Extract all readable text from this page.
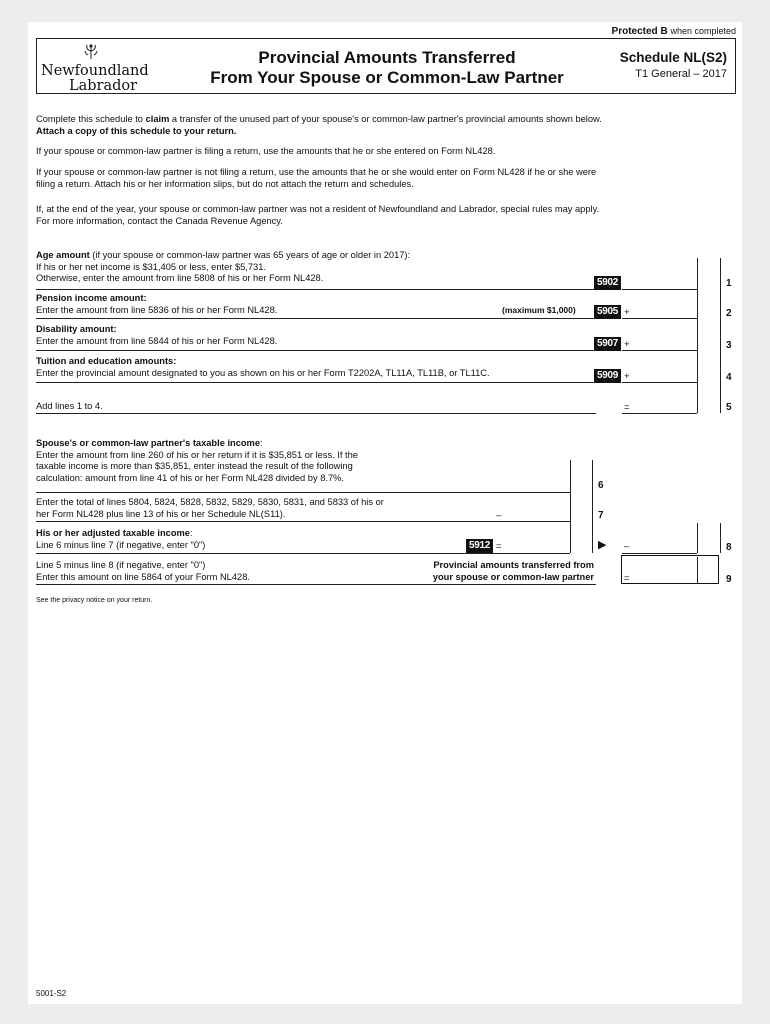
Protected B when completed
Newfoundland
Labrador
Provincial Amounts Transferred
From Your Spouse or Common-Law Partner
Schedule NL(S2)
T1 General – 2017
Complete this schedule to claim a transfer of the unused part of your spouse's or common-law partner's provincial amounts shown below.
Attach a copy of this schedule to your return.
If your spouse or common-law partner is filing a return, use the amounts that he or she entered on Form NL428.
If your spouse or common-law partner is not filing a return, use the amounts that he or she would enter on Form NL428 if he or she were
filing a return. Attach his or her information slips, but do not attach the return and schedules.
If, at the end of the year, your spouse or common-law partner was not a resident of Newfoundland and Labrador, special rules may apply.
For more information, contact the Canada Revenue Agency.
Age amount (if your spouse or common-law partner was 65 years of age or older in 2017):
If his or her net income is $31,405 or less, enter $5,731.
Otherwise, enter the amount from line 5808 of his or her Form NL428.	5902	1
Pension income amount:
Enter the amount from line 5836 of his or her Form NL428.	(maximum $1,000)	5905 +	2
Disability amount:
Enter the amount from line 5844 of his or her Form NL428.	5907 +	3
Tuition and education amounts:
Enter the provincial amount designated to you as shown on his or her Form T2202A, TL11A, TL11B, or TL11C.	5909 +	4
Add lines 1 to 4.	=	5
Spouse's or common-law partner's taxable income:
Enter the amount from line 260 of his or her return if it is $35,851 or less. If the
taxable income is more than $35,851, enter instead the result of the following
calculation: amount from line 41 of his or her Form NL428 divided by 8.7%.
6
Enter the total of lines 5804, 5824, 5828, 5832, 5829, 5830, 5831, and 5833 of his or
her Form NL428 plus line 13 of his or her Schedule NL(S11).	–	7
His or her adjusted taxable income:
Line 6 minus line 7 (if negative, enter "0")	5912 =	▶ –	8
Line 5 minus line 8 (if negative, enter "0")
Enter this amount on line 5864 of your Form NL428.
Provincial amounts transferred from
your spouse or common-law partner	=	9
See the privacy notice on your return.
5001-S2
